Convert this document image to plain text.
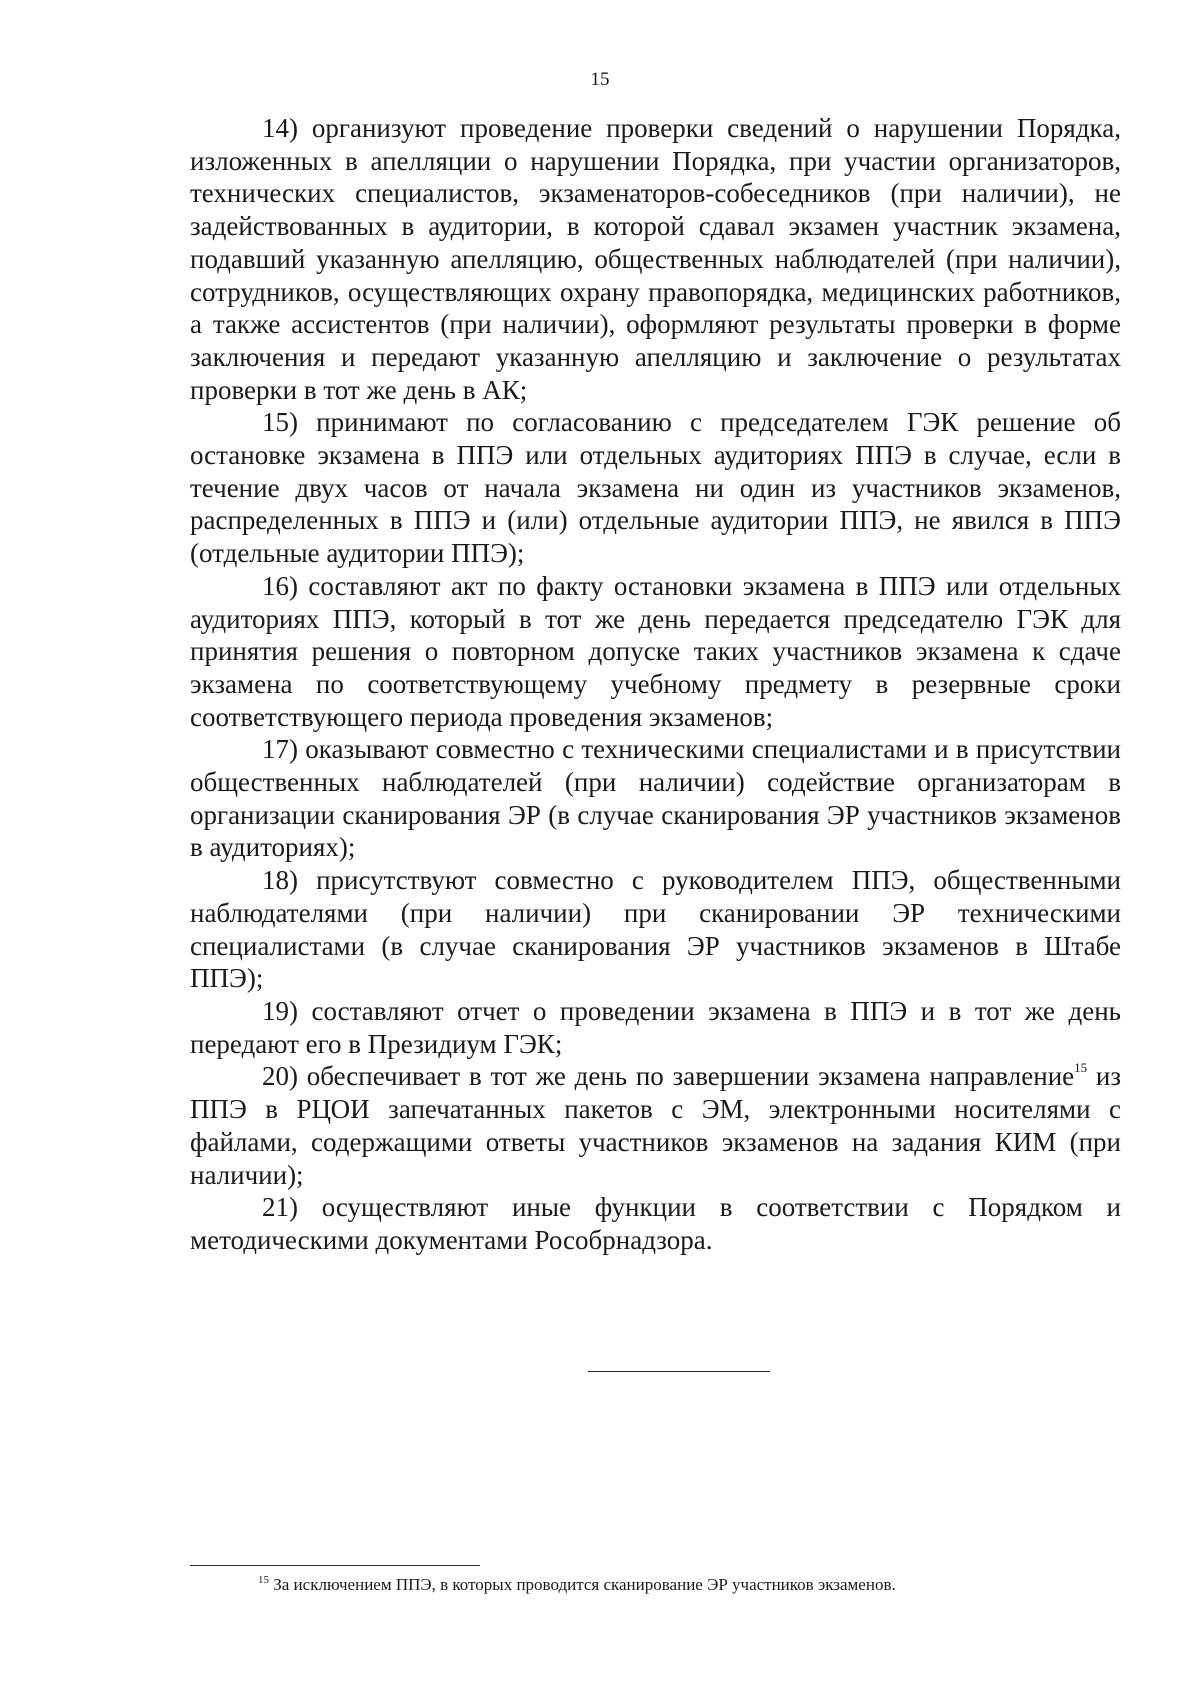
15

14) организуют проведение проверки сведений о нарушении Порядка, изложенных в апелляции о нарушении Порядка, при участии организаторов, технических специалистов, экзаменаторов-собеседников (при наличии), не задействованных в аудитории, в которой сдавал экзамен участник экзамена, подавший указанную апелляцию, общественных наблюдателей (при наличии), сотрудников, осуществляющих охрану правопорядка, медицинских работников, а также ассистентов (при наличии), оформляют результаты проверки в форме заключения и передают указанную апелляцию и заключение о результатах проверки в тот же день в АК;

15) принимают по согласованию с председателем ГЭК решение об остановке экзамена в ППЭ или отдельных аудиториях ППЭ в случае, если в течение двух часов от начала экзамена ни один из участников экзаменов, распределенных в ППЭ и (или) отдельные аудитории ППЭ, не явился в ППЭ (отдельные аудитории ППЭ);

16) составляют акт по факту остановки экзамена в ППЭ или отдельных аудиториях ППЭ, который в тот же день передается председателю ГЭК для принятия решения о повторном допуске таких участников экзамена к сдаче экзамена по соответствующему учебному предмету в резервные сроки соответствующего периода проведения экзаменов;

17) оказывают совместно с техническими специалистами и в присутствии общественных наблюдателей (при наличии) содействие организаторам в организации сканирования ЭР (в случае сканирования ЭР участников экзаменов в аудиториях);

18) присутствуют совместно с руководителем ППЭ, общественными наблюдателями (при наличии) при сканировании ЭР техническими специалистами (в случае сканирования ЭР участников экзаменов в Штабе ППЭ);

19) составляют отчет о проведении экзамена в ППЭ и в тот же день передают его в Президиум ГЭК;

20) обеспечивает в тот же день по завершении экзамена направление$^{15}$ из ППЭ в РЦОИ запечатанных пакетов с ЭМ, электронными носителями с файлами, содержащими ответы участников экзаменов на задания КИМ (при наличии);

21) осуществляют иные функции в соответствии с Порядком и методическими документами Рособрнадзора.

$^{15}$ За исключением ППЭ, в которых проводится сканирование ЭР участников экзаменов.
